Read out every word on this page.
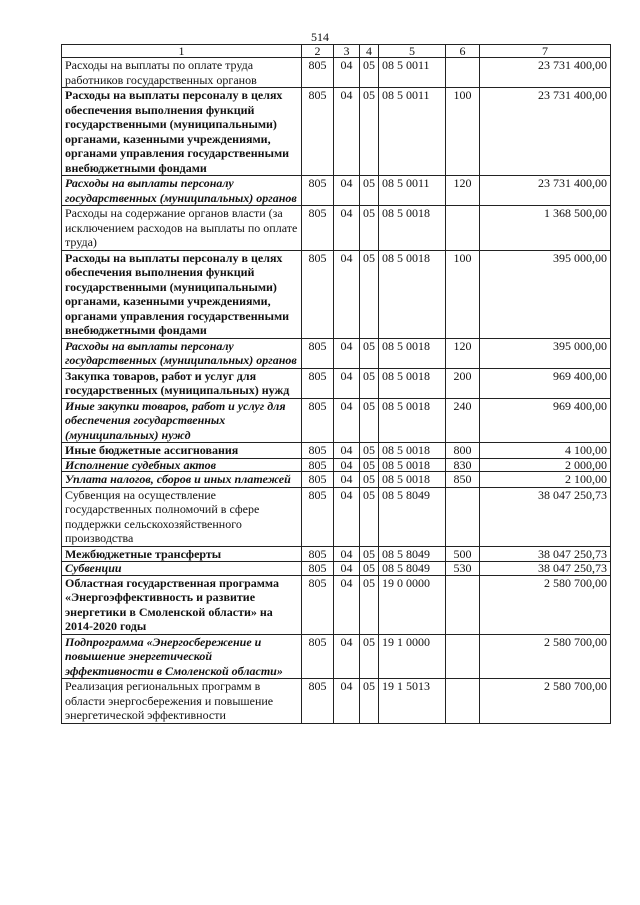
514
1	2	3	4	5	6	7
Расходы на выплаты по оплате труда работников государственных органов	805	04	05	08 5 0011		23 731 400,00
Расходы на выплаты персоналу в целях обеспечения выполнения функций государственными (муниципальными) органами, казенными учреждениями, органами управления государственными внебюджетными фондами	805	04	05	08 5 0011	100	23 731 400,00
Расходы на выплаты персоналу государственных (муниципальных) органов	805	04	05	08 5 0011	120	23 731 400,00
Расходы на содержание органов власти (за исключением расходов на выплаты по оплате труда)	805	04	05	08 5 0018		1 368 500,00
Расходы на выплаты персоналу в целях обеспечения выполнения функций государственными (муниципальными) органами, казенными учреждениями, органами управления государственными внебюджетными фондами	805	04	05	08 5 0018	100	395 000,00
Расходы на выплаты персоналу государственных (муниципальных) органов	805	04	05	08 5 0018	120	395 000,00
Закупка товаров, работ и услуг для государственных (муниципальных) нужд	805	04	05	08 5 0018	200	969 400,00
Иные закупки товаров, работ и услуг для обеспечения государственных (муниципальных) нужд	805	04	05	08 5 0018	240	969 400,00
Иные бюджетные ассигнования	805	04	05	08 5 0018	800	4 100,00
Исполнение судебных актов	805	04	05	08 5 0018	830	2 000,00
Уплата налогов, сборов и иных платежей	805	04	05	08 5 0018	850	2 100,00
Субвенция на осуществление государственных полномочий в сфере поддержки сельскохозяйственного производства	805	04	05	08 5 8049		38 047 250,73
Межбюджетные трансферты	805	04	05	08 5 8049	500	38 047 250,73
Субвенции	805	04	05	08 5 8049	530	38 047 250,73
Областная государственная программа «Энергоэффективность и развитие энергетики в Смоленской области» на 2014-2020 годы	805	04	05	19 0 0000		2 580 700,00
Подпрограмма «Энергосбережение и повышение энергетической эффективности в Смоленской области»	805	04	05	19 1 0000		2 580 700,00
Реализация региональных программ в области энергосбережения и повышение энергетической эффективности	805	04	05	19 1 5013		2 580 700,00
